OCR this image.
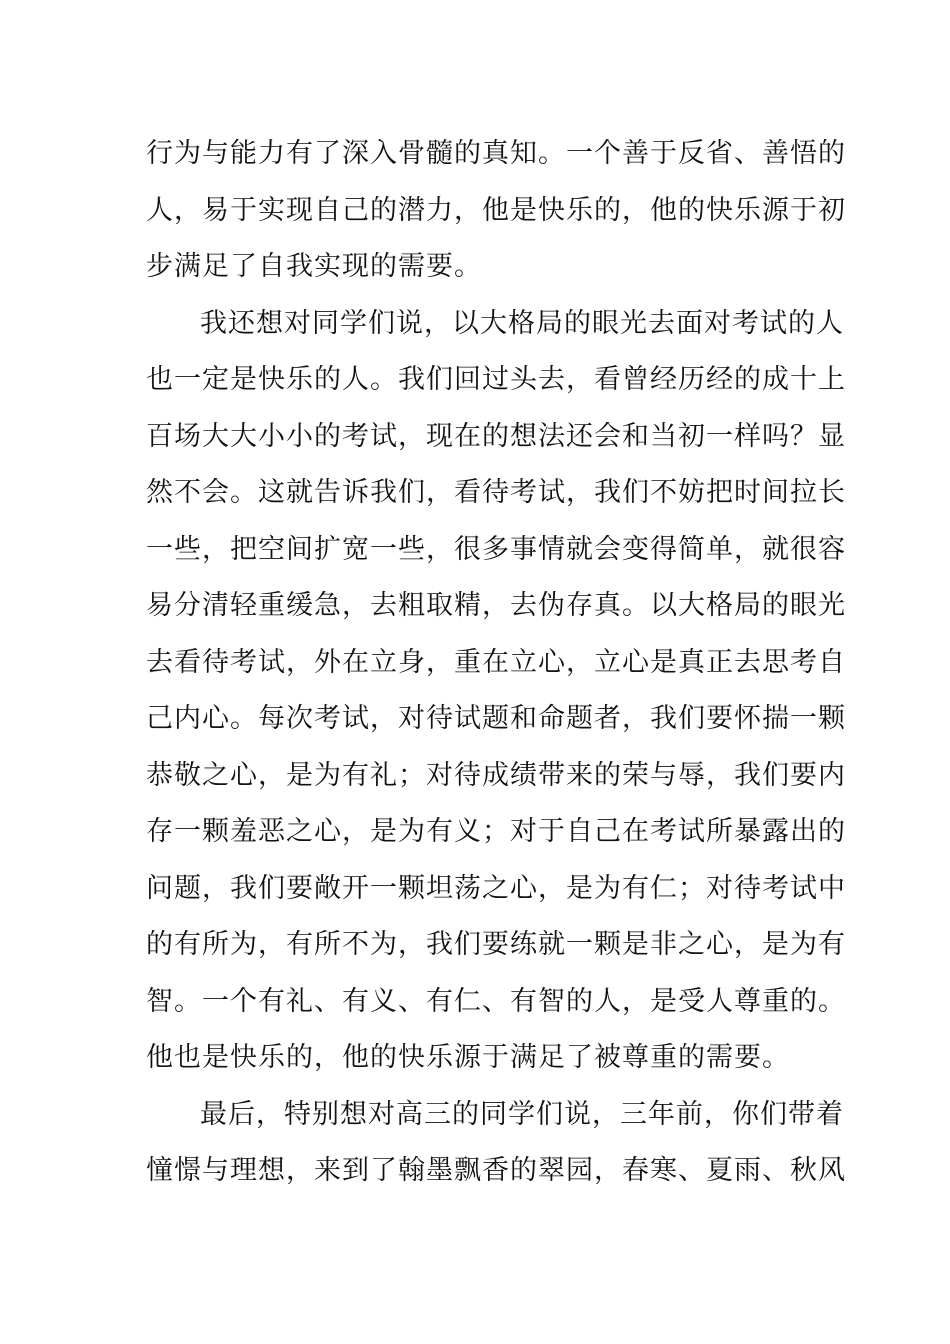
行为与能力有了深入骨髓的真知。一个善于反省、善悟的
人，易于实现自己的潜力，他是快乐的，他的快乐源于初
步满足了自我实现的需要。
我还想对同学们说，以大格局的眼光去面对考试的人
也一定是快乐的人。我们回过头去，看曾经历经的成十上
百场大大小小的考试，现在的想法还会和当初一样吗？显
然不会。这就告诉我们，看待考试，我们不妨把时间拉长
一些，把空间扩宽一些，很多事情就会变得简单，就很容
易分清轻重缓急，去粗取精，去伪存真。以大格局的眼光
去看待考试，外在立身，重在立心，立心是真正去思考自
己内心。每次考试，对待试题和命题者，我们要怀揣一颗
恭敬之心，是为有礼；对待成绩带来的荣与辱，我们要内
存一颗羞恶之心，是为有义；对于自己在考试所暴露出的
问题，我们要敞开一颗坦荡之心，是为有仁；对待考试中
的有所为，有所不为，我们要练就一颗是非之心，是为有
智。一个有礼、有义、有仁、有智的人，是受人尊重的。
他也是快乐的，他的快乐源于满足了被尊重的需要。
最后，特别想对高三的同学们说，三年前，你们带着
憧憬与理想，来到了翰墨飘香的翠园，春寒、夏雨、秋风
